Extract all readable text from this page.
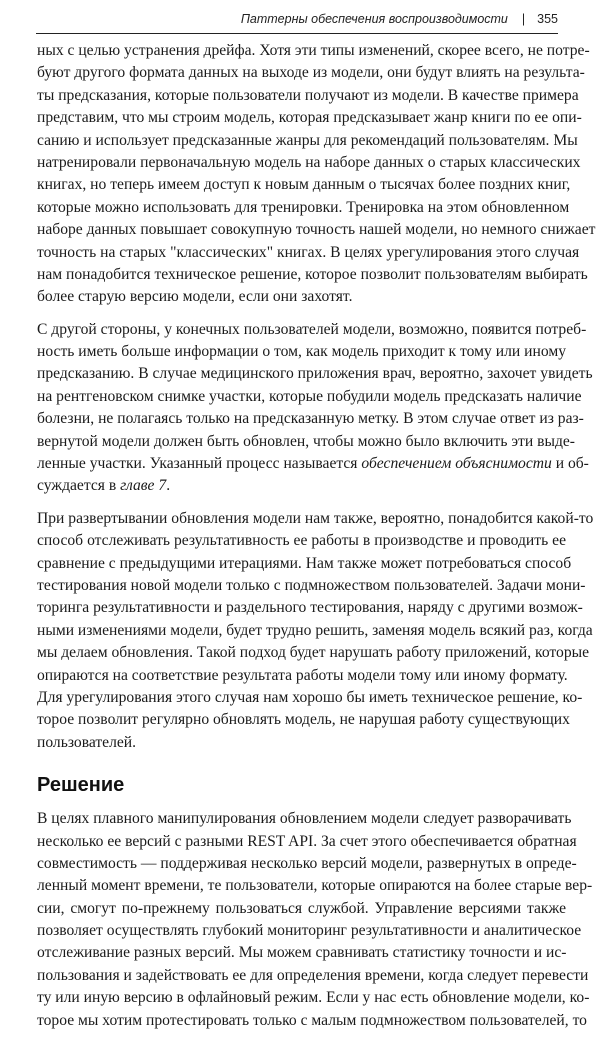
Паттерны обеспечения воспроизводимости | 355
ных с целью устранения дрейфа. Хотя эти типы изменений, скорее всего, не потре-
буют другого формата данных на выходе из модели, они будут влиять на результа-
ты предсказания, которые пользователи получают из модели. В качестве примера
представим, что мы строим модель, которая предсказывает жанр книги по ее опи-
санию и использует предсказанные жанры для рекомендаций пользователям. Мы
натренировали первоначальную модель на наборе данных о старых классических
книгах, но теперь имеем доступ к новым данным о тысячах более поздних книг,
которые можно использовать для тренировки. Тренировка на этом обновленном
наборе данных повышает совокупную точность нашей модели, но немного снижает
точность на старых "классических" книгах. В целях урегулирования этого случая
нам понадобится техническое решение, которое позволит пользователям выбирать
более старую версию модели, если они захотят.
С другой стороны, у конечных пользователей модели, возможно, появится потреб-
ность иметь больше информации о том, как модель приходит к тому или иному
предсказанию. В случае медицинского приложения врач, вероятно, захочет увидеть
на рентгеновском снимке участки, которые побудили модель предсказать наличие
болезни, не полагаясь только на предсказанную метку. В этом случае ответ из раз-
вернутой модели должен быть обновлен, чтобы можно было включить эти выде-
ленные участки. Указанный процесс называется обеспечением объяснимости и об-
суждается в главе 7.
При развертывании обновления модели нам также, вероятно, понадобится какой-то
способ отслеживать результативность ее работы в производстве и проводить ее
сравнение с предыдущими итерациями. Нам также может потребоваться способ
тестирования новой модели только с подмножеством пользователей. Задачи мони-
торинга результативности и раздельного тестирования, наряду с другими возмож-
ными изменениями модели, будет трудно решить, заменяя модель всякий раз, когда
мы делаем обновления. Такой подход будет нарушать работу приложений, которые
опираются на соответствие результата работы модели тому или иному формату.
Для урегулирования этого случая нам хорошо бы иметь техническое решение, ко-
торое позволит регулярно обновлять модель, не нарушая работу существующих
пользователей.
Решение
В целях плавного манипулирования обновлением модели следует разворачивать
несколько ее версий с разными REST API. За счет этого обеспечивается обратная
совместимость — поддерживая несколько версий модели, развернутых в опреде-
ленный момент времени, те пользователи, которые опираются на более старые вер-
сии, смогут по-прежнему пользоваться службой. Управление версиями также
позволяет осуществлять глубокий мониторинг результативности и аналитическое
отслеживание разных версий. Мы можем сравнивать статистику точности и ис-
пользования и задействовать ее для определения времени, когда следует перевести
ту или иную версию в офлайновый режим. Если у нас есть обновление модели, ко-
торое мы хотим протестировать только с малым подмножеством пользователей, то
